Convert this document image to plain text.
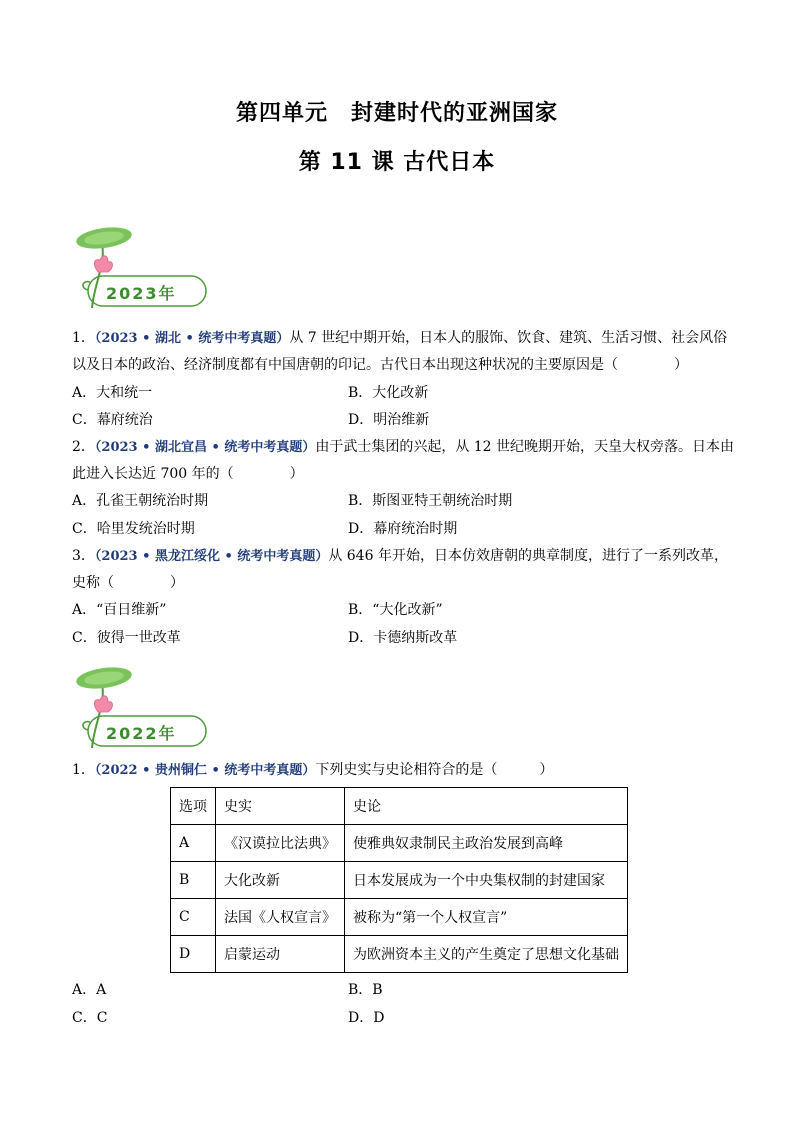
第四单元　封建时代的亚洲国家
第 11 课 古代日本
2023年
1．（2023 • 湖北 • 统考中考真题）从 7 世纪中期开始，日本人的服饰、饮食、建筑、生活习惯、社会风俗
以及日本的政治、经济制度都有中国唐朝的印记。古代日本出现这种状况的主要原因是（　　　　）
A．大和统一	B．大化改新
C．幕府统治	D．明治维新
2．（2023 • 湖北宜昌 • 统考中考真题）由于武士集团的兴起，从 12 世纪晚期开始，天皇大权旁落。日本由
此进入长达近 700 年的（　　　　）
A．孔雀王朝统治时期	B．斯图亚特王朝统治时期
C．哈里发统治时期	D．幕府统治时期
3．（2023 • 黑龙江绥化 • 统考中考真题）从 646 年开始，日本仿效唐朝的典章制度，进行了一系列改革，
史称（　　　　）
A．“百日维新”	B．“大化改新”
C．彼得一世改革	D．卡德纳斯改革
2022年
1．（2022 • 贵州铜仁 • 统考中考真题）下列史实与史论相符合的是（　　　）
选项	史实	史论
A	《汉谟拉比法典》	使雅典奴隶制民主政治发展到高峰
B	大化改新	日本发展成为一个中央集权制的封建国家
C	法国《人权宣言》	被称为“第一个人权宣言”
D	启蒙运动	为欧洲资本主义的产生奠定了思想文化基础
A．A	B．B
C．C	D．D
